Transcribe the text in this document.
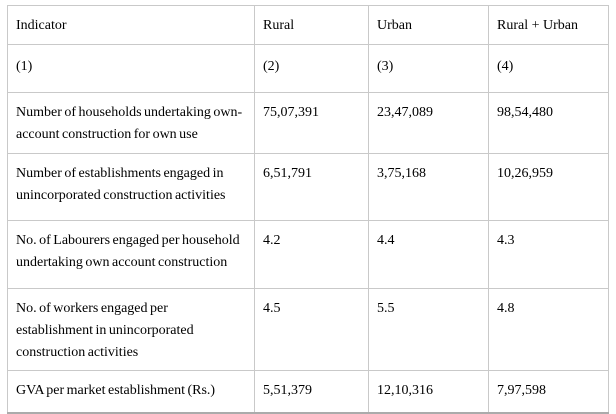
Indicator	Rural	Urban	Rural + Urban
(1)	(2)	(3)	(4)
Number of households undertaking own-account construction for own use	75,07,391	23,47,089	98,54,480
Number of establishments engaged in unincorporated construction activities	6,51,791	3,75,168	10,26,959
No. of Labourers engaged per household undertaking own account construction	4.2	4.4	4.3
No. of workers engaged per establishment in unincorporated construction activities	4.5	5.5	4.8
GVA per market establishment (Rs.)	5,51,379	12,10,316	7,97,598
